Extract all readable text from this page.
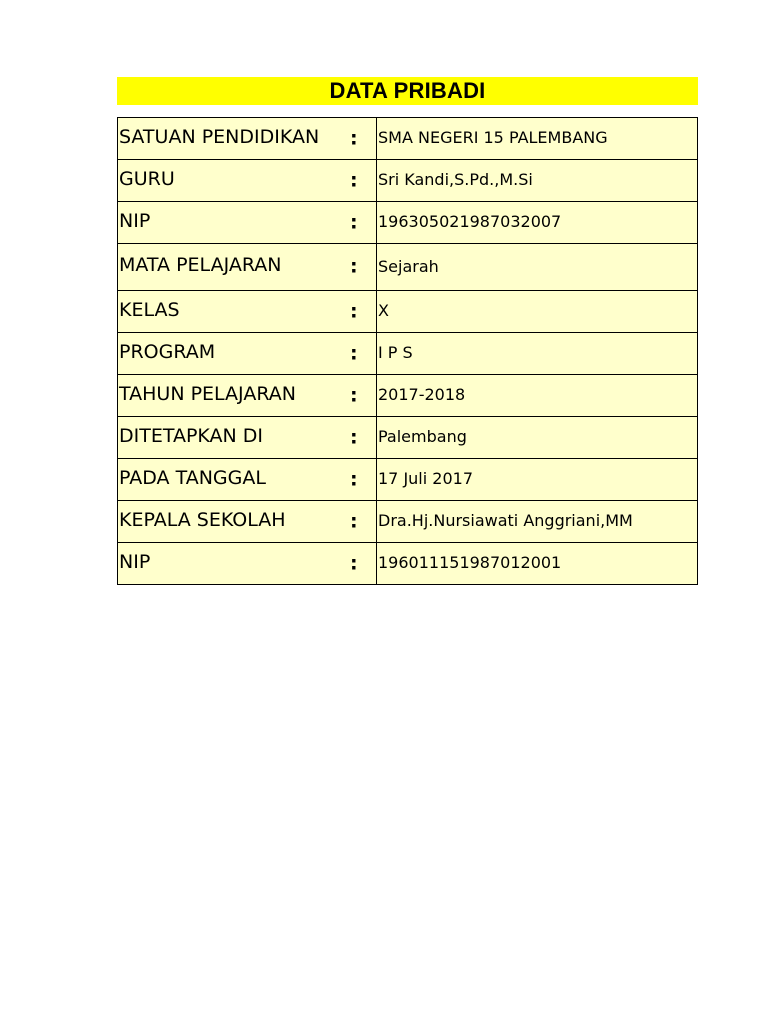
DATA PRIBADI
SATUAN PENDIDIKAN :	SMA NEGERI 15 PALEMBANG

GURU :	Sri Kandi,S.Pd.,M.Si

NIP :	196305021987032007

MATA PELAJARAN :	Sejarah

KELAS :	X

PROGRAM :	I P S

TAHUN PELAJARAN :	2017-2018

DITETAPKAN DI :	Palembang

PADA TANGGAL :	17 Juli 2017

KEPALA SEKOLAH :	Dra.Hj.Nursiawati Anggriani,MM

NIP :	196011151987012001
